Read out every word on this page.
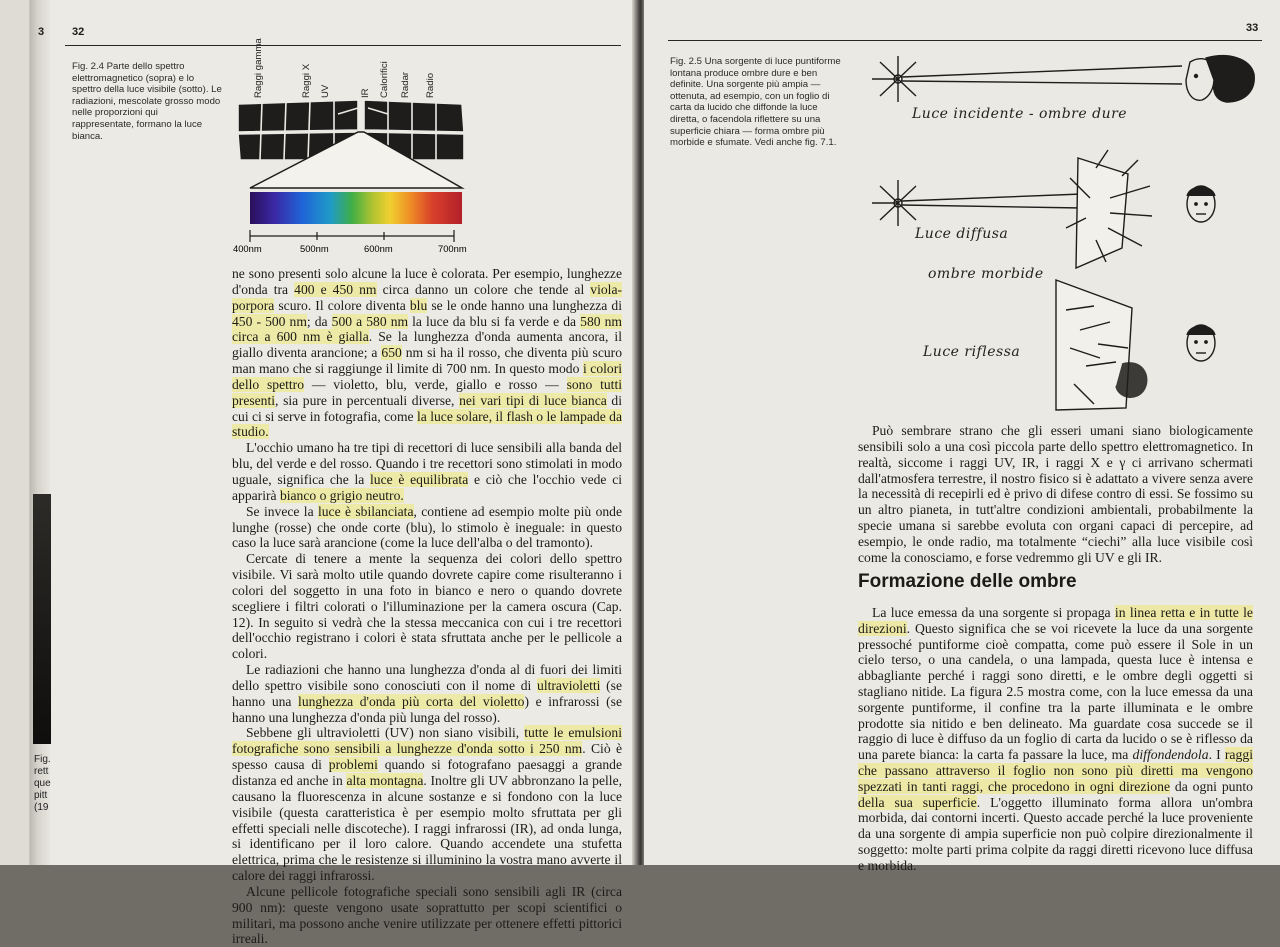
3	32
Fig.
rett
que
pitt
(19
Fig. 2.4 Parte dello spettro elettromagnetico (sopra) e lo spettro della luce visibile (sotto). Le radiazioni, mescolate grosso modo nelle proporzioni qui rappresentate, formano la luce bianca.
Raggi gamma	Raggi X UV	IR Calorifici Radar Radio
400nm	500nm	600nm	700nm

ne sono presenti solo alcune la luce è colorata. Per esempio, lunghezze d'onda tra 400 e 450 nm circa danno un colore che tende al viola-porpora scuro. Il colore diventa blu se le onde hanno una lunghezza di 450 - 500 nm; da 500 a 580 nm la luce da blu si fa verde e da 580 nm circa a 600 nm è gialla. Se la lunghezza d'onda aumenta ancora, il giallo diventa arancione; a 650 nm si ha il rosso, che diventa più scuro man mano che si raggiunge il limite di 700 nm. In questo modo i colori dello spettro — violetto, blu, verde, giallo e rosso — sono tutti presenti, sia pure in percentuali diverse, nei vari tipi di luce bianca di cui ci si serve in fotografia, come la luce solare, il flash o le lampade da studio.

L'occhio umano ha tre tipi di recettori di luce sensibili alla banda del blu, del verde e del rosso. Quando i tre recettori sono stimolati in modo uguale, significa che la luce è equilibrata e ciò che l'occhio vede ci apparirà bianco o grigio neutro.

Se invece la luce è sbilanciata, contiene ad esempio molte più onde lunghe (rosse) che onde corte (blu), lo stimolo è ineguale: in questo caso la luce sarà arancione (come la luce dell'alba o del tramonto).

Cercate di tenere a mente la sequenza dei colori dello spettro visibile. Vi sarà molto utile quando dovrete capire come risulteranno i colori del soggetto in una foto in bianco e nero o quando dovrete scegliere i filtri colorati o l'illuminazione per la camera oscura (Cap. 12). In seguito si vedrà che la stessa meccanica con cui i tre recettori dell'occhio registrano i colori è stata sfruttata anche per le pellicole a colori.

Le radiazioni che hanno una lunghezza d'onda al di fuori dei limiti dello spettro visibile sono conosciuti con il nome di ultravioletti (se hanno una lunghezza d'onda più corta del violetto) e infrarossi (se hanno una lunghezza d'onda più lunga del rosso).

Sebbene gli ultravioletti (UV) non siano visibili, tutte le emulsioni fotografiche sono sensibili a lunghezze d'onda sotto i 250 nm. Ciò è spesso causa di problemi quando si fotografano paesaggi a grande distanza ed anche in alta montagna. Inoltre gli UV abbronzano la pelle, causano la fluorescenza in alcune sostanze e si fondono con la luce visibile (questa caratteristica è per esempio molto sfruttata per gli effetti speciali nelle discoteche). I raggi infrarossi (IR), ad onda lunga, si identificano per il loro calore. Quando accendete una stufetta elettrica, prima che le resistenze si illuminino la vostra mano avverte il calore dei raggi infrarossi.

Alcune pellicole fotografiche speciali sono sensibili agli IR (circa 900 nm): queste vengono usate soprattutto per scopi scientifici o militari, ma possono anche venire utilizzate per ottenere effetti pittorici irreali.

33
Fig. 2.5 Una sorgente di luce puntiforme lontana produce ombre dure e ben definite. Una sorgente più ampia — ottenuta, ad esempio, con un foglio di carta da lucido che diffonde la luce diretta, o facendola riflettere su una superficie chiara — forma ombre più morbide e sfumate. Vedi anche fig. 7.1.
Luce incidente - ombre dure
Luce diffusa
ombre morbide
Luce riflessa

Può sembrare strano che gli esseri umani siano biologicamente sensibili solo a una così piccola parte dello spettro elettromagnetico. In realtà, siccome i raggi UV, IR, i raggi X e γ ci arrivano schermati dall'atmosfera terrestre, il nostro fisico si è adattato a vivere senza avere la necessità di recepirli ed è privo di difese contro di essi. Se fossimo su un altro pianeta, in tutt'altre condizioni ambientali, probabilmente la specie umana si sarebbe evoluta con organi capaci di percepire, ad esempio, le onde radio, ma totalmente “ciechi” alla luce visibile così come la conosciamo, e forse vedremmo gli UV e gli IR.

Formazione delle ombre

La luce emessa da una sorgente si propaga in linea retta e in tutte le direzioni. Questo significa che se voi ricevete la luce da una sorgente pressoché puntiforme cioè compatta, come può essere il Sole in un cielo terso, o una candela, o una lampada, questa luce è intensa e abbagliante perché i raggi sono diretti, e le ombre degli oggetti si stagliano nitide. La figura 2.5 mostra come, con la luce emessa da una sorgente puntiforme, il confine tra la parte illuminata e le ombre prodotte sia nitido e ben delineato. Ma guardate cosa succede se il raggio di luce è diffuso da un foglio di carta da lucido o se è riflesso da una parete bianca: la carta fa passare la luce, ma diffondendola. I raggi che passano attraverso il foglio non sono più diretti ma vengono spezzati in tanti raggi, che procedono in ogni direzione da ogni punto della sua superficie. L'oggetto illuminato forma allora un'ombra morbida, dai contorni incerti. Questo accade perché la luce proveniente da una sorgente di ampia superficie non può colpire direzionalmente il soggetto: molte parti prima colpite da raggi diretti ricevono luce diffusa e morbida.
